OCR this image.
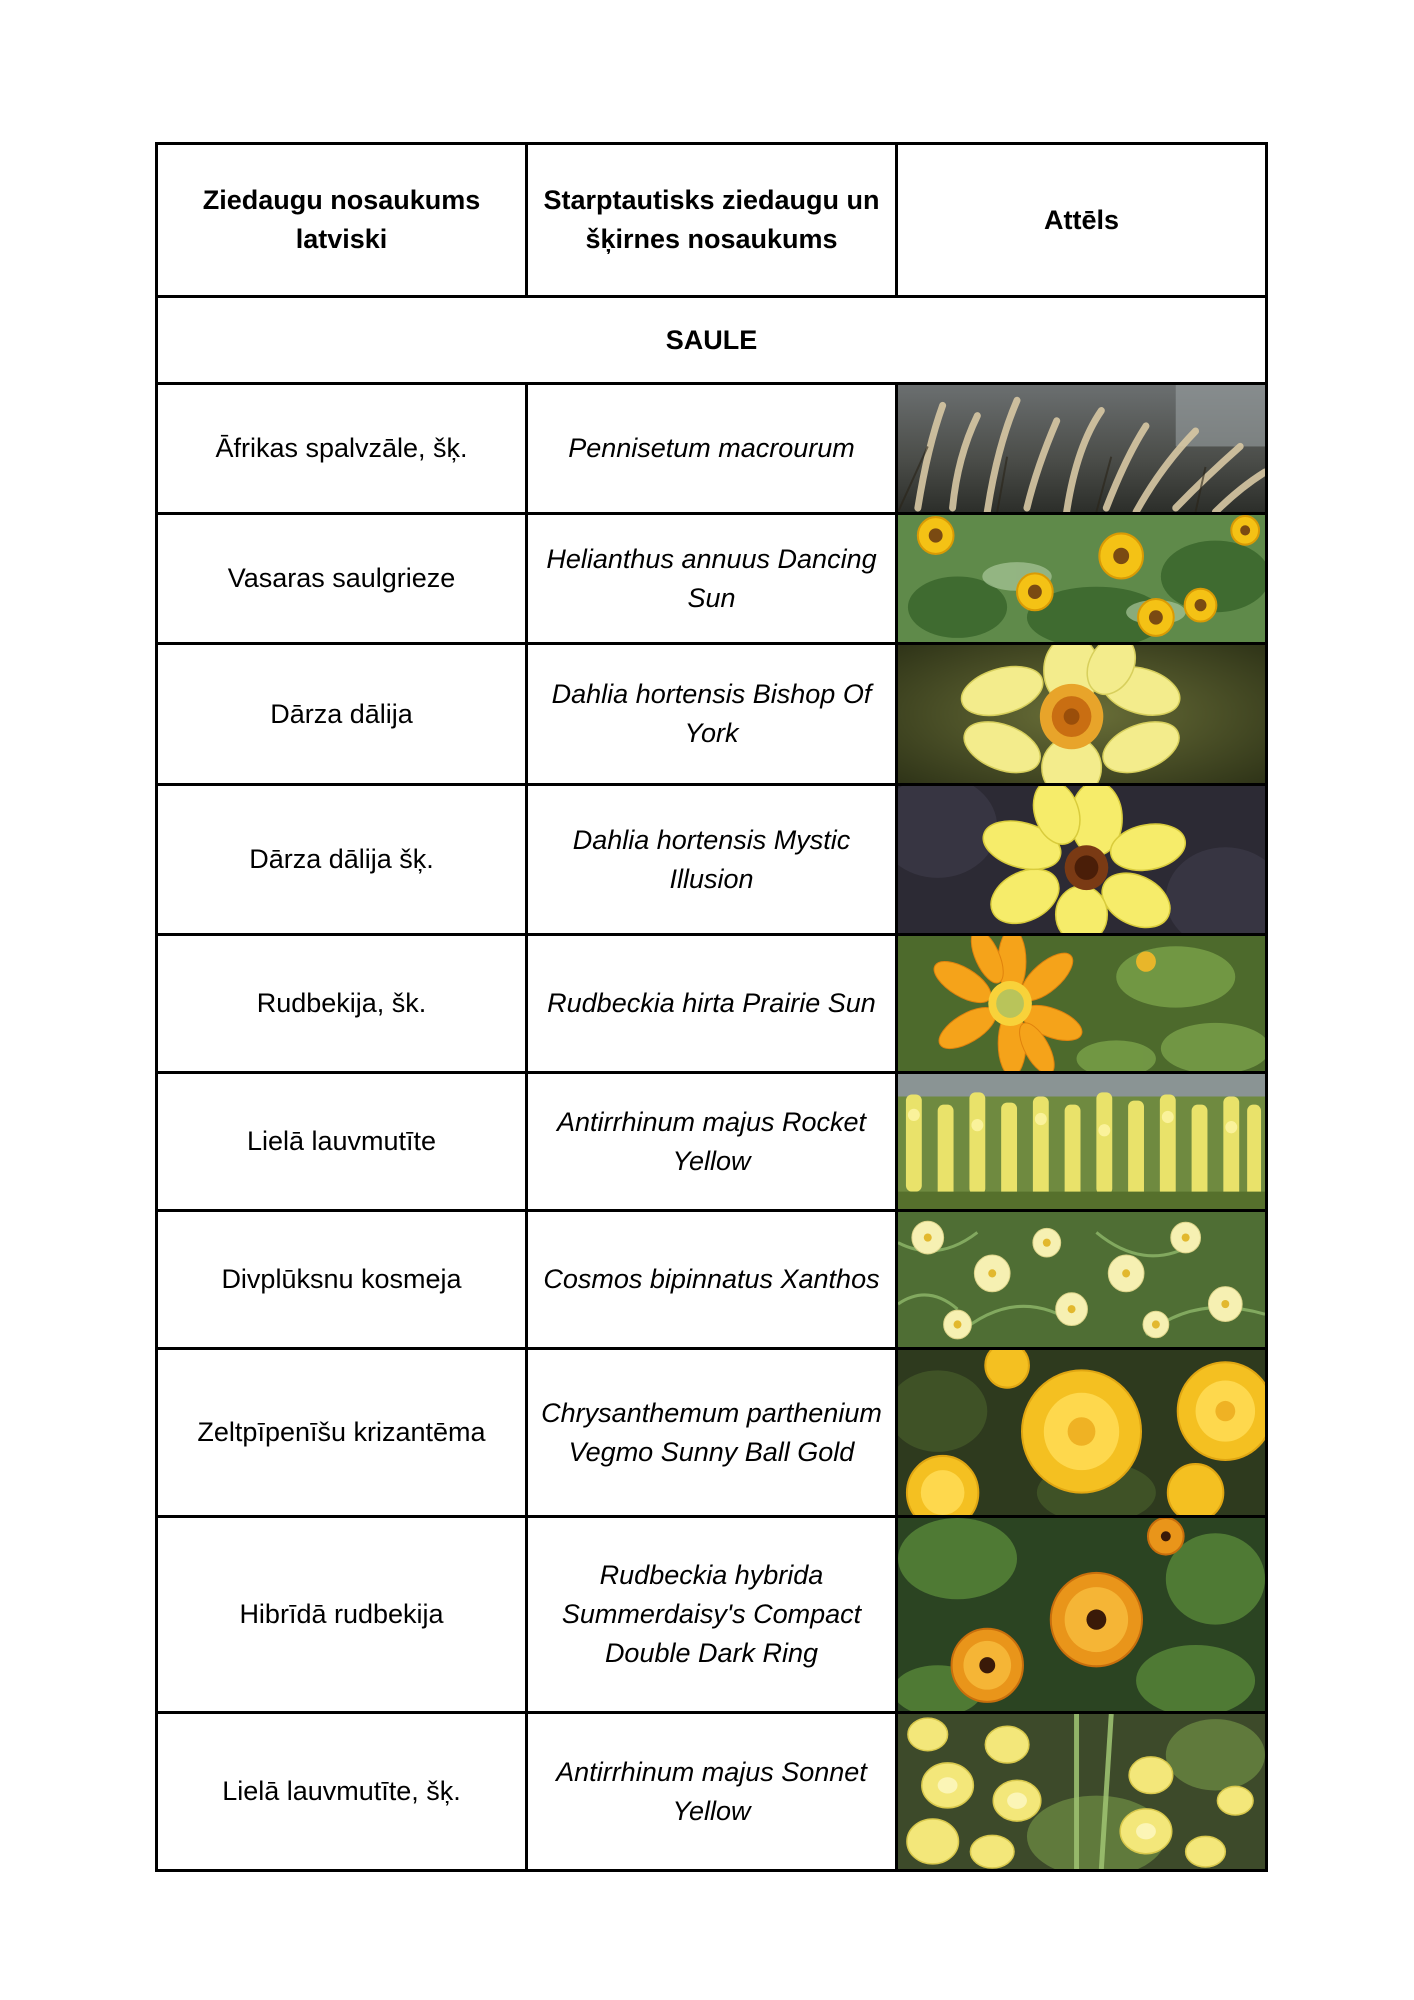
Ziedaugu nosaukums latviski	Starptautisks ziedaugu un šķirnes nosaukums	Attēls
SAULE		
Āfrikas spalvzāle, šķ.	Pennisetum macrourum	

Vasaras saulgrieze	Helianthus annuus Dancing Sun	

Dārza dālija	Dahlia hortensis Bishop Of York	

Dārza dālija šķ.	Dahlia hortensis Mystic Illusion	

Rudbekija, šk.	Rudbeckia hirta Prairie Sun	

Lielā lauvmutīte	Antirrhinum majus Rocket Yellow	

Divplūksnu kosmeja	Cosmos bipinnatus Xanthos	

Zeltpīpenīšu krizantēma	Chrysanthemum parthenium Vegmo Sunny Ball Gold	

Hibrīdā rudbekija	Rudbeckia hybrida Summerdaisy's Compact Double Dark Ring	

Lielā lauvmutīte, šķ.	Antirrhinum majus Sonnet Yellow	
